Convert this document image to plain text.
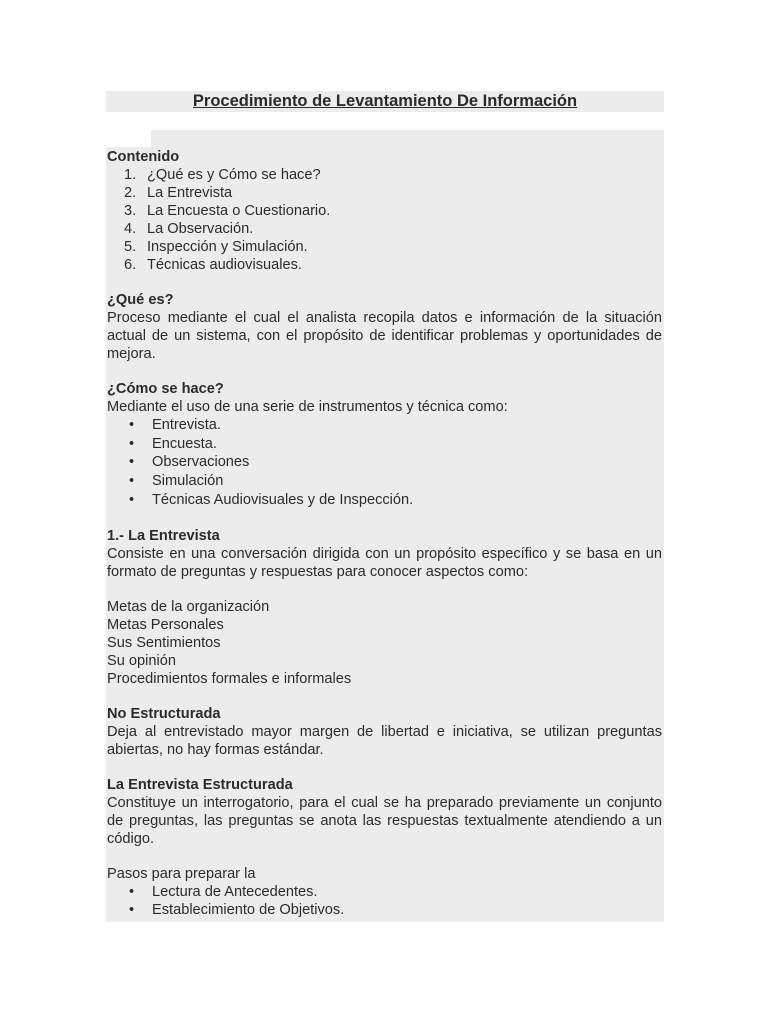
Procedimiento de Levantamiento De Información

Contenido

1. ¿Qué es y Cómo se hace?
2. La Entrevista
3. La Encuesta o Cuestionario.
4. La Observación.
5. Inspección y Simulación.
6. Técnicas audiovisuales.

¿Qué es?

Proceso mediante el cual el analista recopila datos e información de la situación actual de un sistema, con el propósito de identificar problemas y oportunidades de mejora.

¿Cómo se hace?

Mediante el uso de una serie de instrumentos y técnica como:

• Entrevista.
• Encuesta.
• Observaciones
• Simulación
• Técnicas Audiovisuales y de Inspección.

1.- La Entrevista

Consiste en una conversación dirigida con un propósito específico y se basa en un formato de preguntas y respuestas para conocer aspectos como:

Metas de la organización

Metas Personales

Sus Sentimientos

Su opinión

Procedimientos formales e informales

No Estructurada

Deja al entrevistado mayor margen de libertad e iniciativa, se utilizan preguntas abiertas, no hay formas estándar.

La Entrevista Estructurada

Constituye un interrogatorio, para el cual se ha preparado previamente un conjunto de preguntas, las preguntas se anota las respuestas textualmente atendiendo a un código.

Pasos para preparar la

• Lectura de Antecedentes.
• Establecimiento de Objetivos.
